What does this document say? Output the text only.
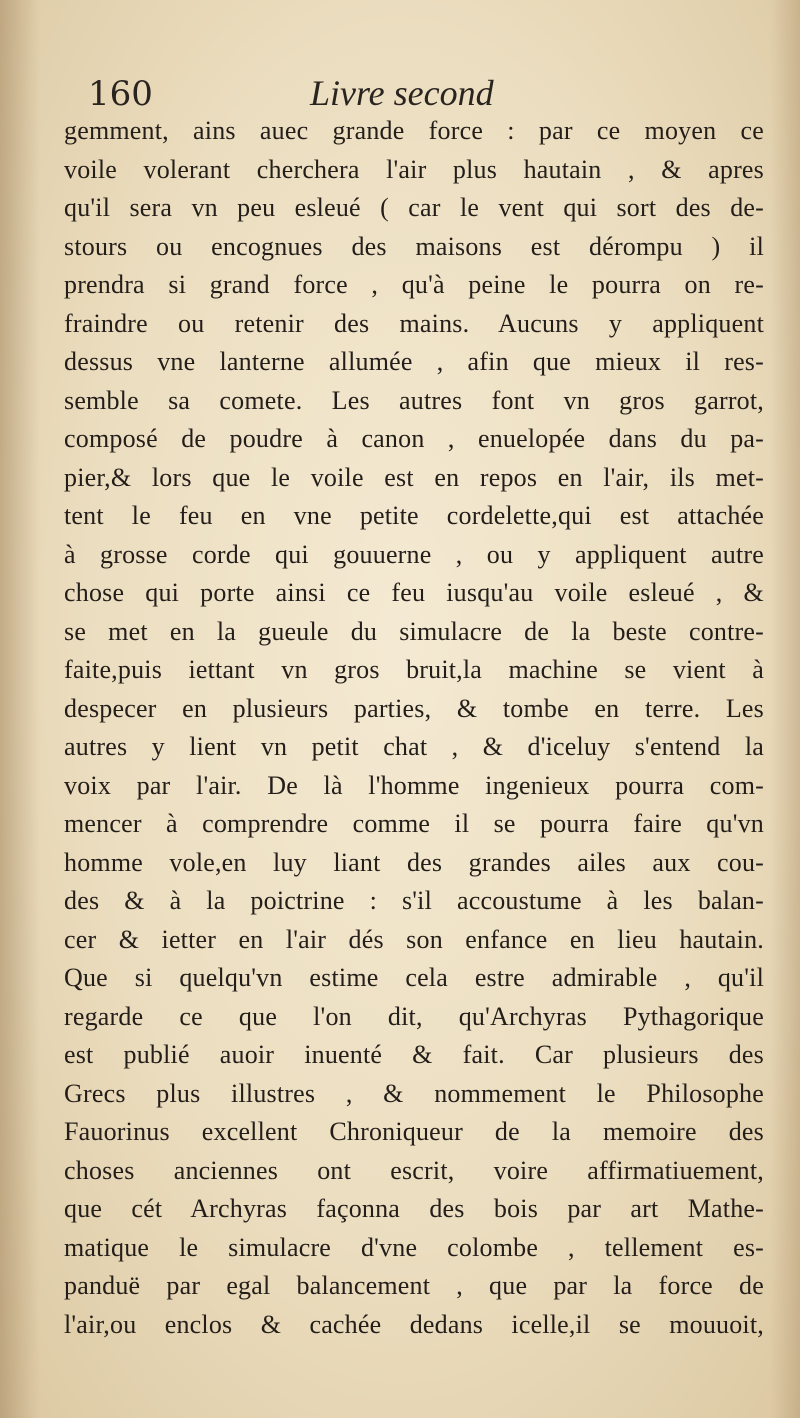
160	Livre second
gemment, ains auec grande force : par ce moyen ce
voile volerant cherchera l'air plus hautain , & apres
qu'il sera vn peu esleué ( car le vent qui sort des de-
stours ou encognues des maisons est dérompu ) il
prendra si grand force , qu'à peine le pourra on re-
fraindre ou retenir des mains. Aucuns y appliquent
dessus vne lanterne allumée , afin que mieux il res-
semble sa comete. Les autres font vn gros garrot,
composé de poudre à canon , enuelopée dans du pa-
pier,& lors que le voile est en repos en l'air, ils met-
tent le feu en vne petite cordelette,qui est attachée
à grosse corde qui gouuerne , ou y appliquent autre
chose qui porte ainsi ce feu iusqu'au voile esleué , &
se met en la gueule du simulacre de la beste contre-
faite,puis iettant vn gros bruit,la machine se vient à
despecer en plusieurs parties, & tombe en terre. Les
autres y lient vn petit chat , & d'iceluy s'entend la
voix par l'air. De là l'homme ingenieux pourra com-
mencer à comprendre comme il se pourra faire qu'vn
homme vole,en luy liant des grandes ailes aux cou-
des & à la poictrine : s'il accoustume à les balan-
cer & ietter en l'air dés son enfance en lieu hautain.
Que si quelqu'vn estime cela estre admirable , qu'il
regarde ce que l'on dit, qu'Archyras Pythagorique
est publié auoir inuenté & fait. Car plusieurs des
Grecs plus illustres , & nommement le Philosophe
Fauorinus excellent Chroniqueur de la memoire des
choses anciennes ont escrit, voire affirmatiuement,
que cét Archyras façonna des bois par art Mathe-
matique le simulacre d'vne colombe , tellement es-
panduë par egal balancement , que par la force de
l'air,ou enclos & cachée dedans icelle,il se mouuoit,
